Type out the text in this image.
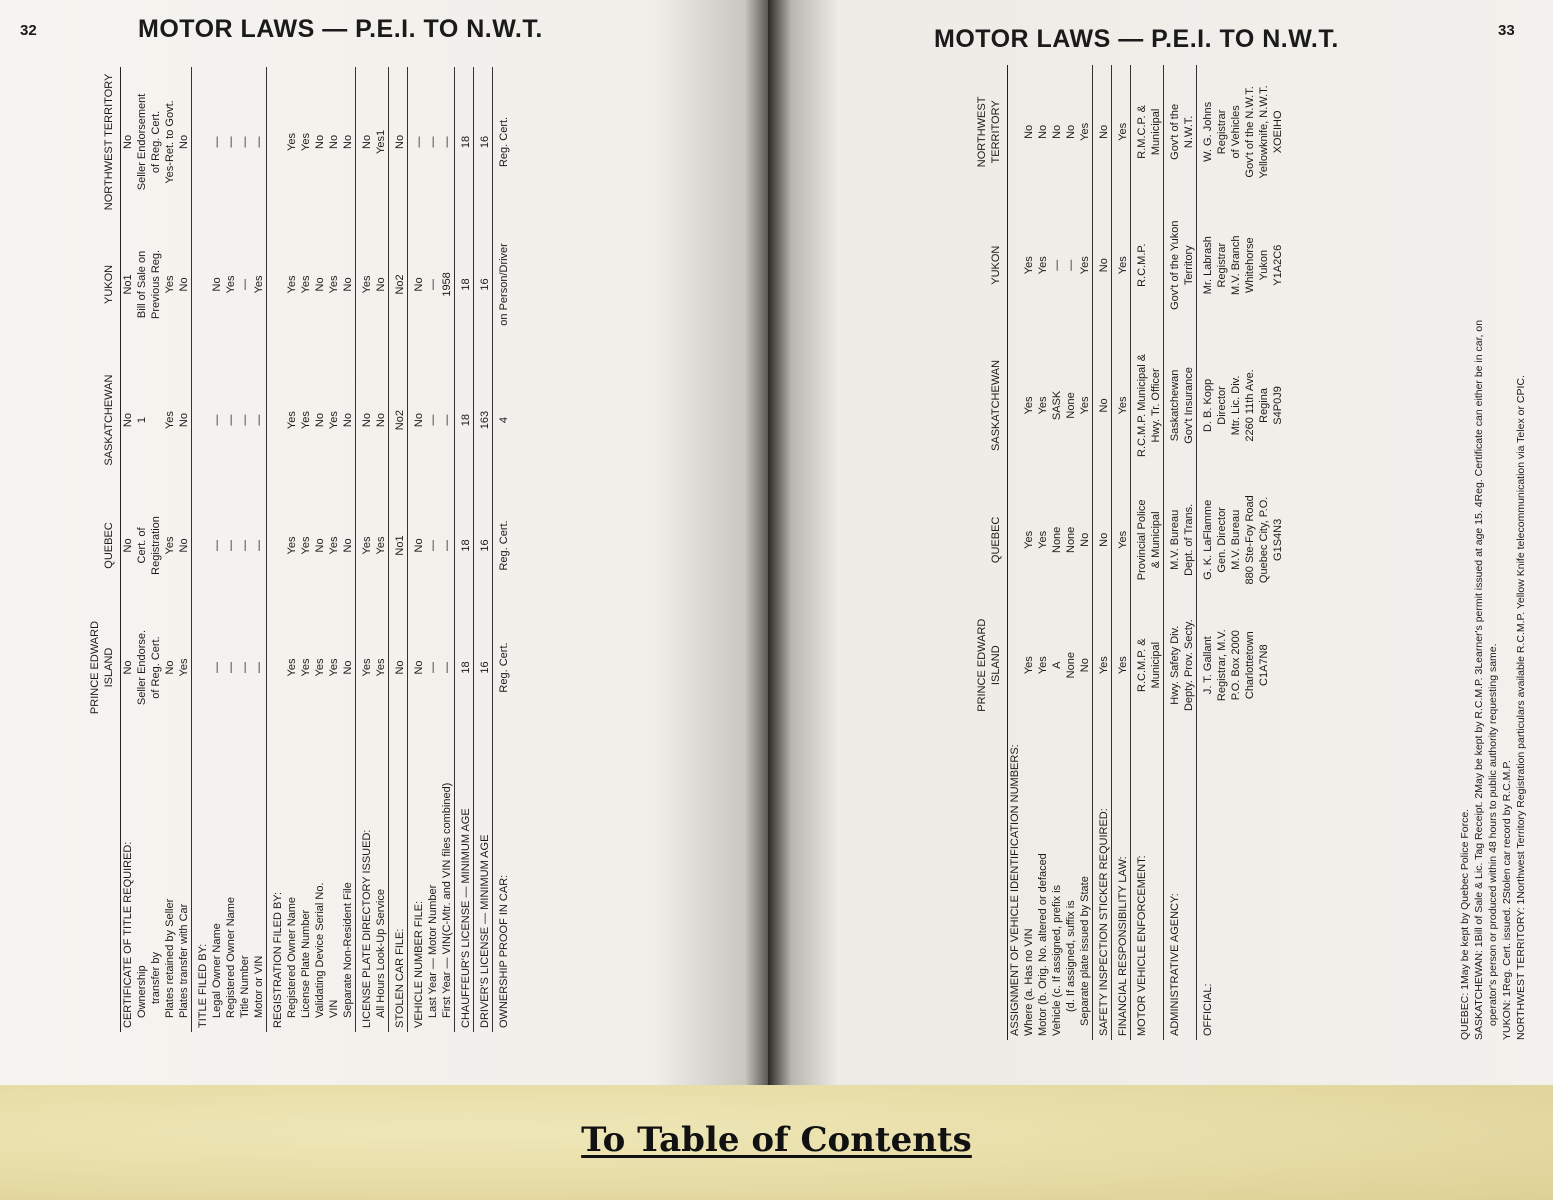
32	MOTOR LAWS — P.E.I. TO N.W.T.
	PRINCE EDWARD ISLAND	QUEBEC	SASKATCHEWAN	YUKON	NORTHWEST TERRITORY
CERTIFICATE OF TITLE REQUIRED:	No	No	No	No1	No
Ownership	Seller Endorse.	Cert. of	1	Bill of Sale on	Seller Endorsement
transfer by	of Reg. Cert.	Registration		Previous Reg.	of Reg. Cert.
Plates retained by Seller	No	Yes	Yes	Yes	Yes-Ret. to Govt.
Plates transfer with Car	Yes	No	No	No	No
TITLE FILED BY:					
Legal Owner Name	—	—	—	No	—
Registered Owner Name	—	—	—	Yes	—
Title Number	—	—	—	—	—
Motor or VIN	—	—	—	Yes	—
REGISTRATION FILED BY:					
Registered Owner Name	Yes	Yes	Yes	Yes	Yes
License Plate Number	Yes	Yes	Yes	Yes	Yes
Validating Device Serial No.	Yes	No	No	No	No
VIN	Yes	Yes	Yes	Yes	No
Separate Non-Resident File	No	No	No	No	No
LICENSE PLATE DIRECTORY ISSUED:	Yes	Yes	No	Yes	No
All Hours Look-Up Service	Yes	Yes	No	No	Yes1
STOLEN CAR FILE:	No	No1	No2	No2	No
VEHICLE NUMBER FILE:	No	No	No	No	—
Last Year — Motor Number	—	—	—	—	—
First Year — VIN(C-Mtr. and VIN files combined)	—	—	—	1958	—
CHAUFFEUR'S LICENSE — MINIMUM AGE	18	18	18	18	18
DRIVER'S LICENSE — MINIMUM AGE	16	16	163	16	16
OWNERSHIP PROOF IN CAR:	Reg. Cert.	Reg. Cert.	4	on Person/Driver	Reg. Cert.
33
MOTOR LAWS — P.E.I. TO N.W.T.
	PRINCE EDWARD ISLAND	QUEBEC	SASKATCHEWAN	YUKON	NORTHWEST TERRITORY
ASSIGNMENT OF VEHICLE IDENTIFICATION NUMBERS:					
Where (a. Has no VIN	Yes	Yes	Yes	Yes	No
Motor (b. Orig. No. altered or defaced	Yes	Yes	Yes	Yes	No
Vehicle (c. If assigned, prefix is	A	None	SASK	—	No
(d. If assigned, suffix is	None	None	None	—	No
Separate plate issued by State	No	No	Yes	Yes	Yes
SAFETY INSPECTION STICKER REQUIRED:	Yes	No	No	No	No
FINANCIAL RESPONSIBILITY LAW:	Yes	Yes	Yes	Yes	Yes
MOTOR VEHICLE ENFORCEMENT:	R.C.M.P. &	Provincial Police	R.C.M.P. Municipal &	R.C.M.P.	R.M.C.P. &
	Municipal	& Municipal	Hwy. Tr. Officer		Municipal
ADMINISTRATIVE AGENCY:	Hwy. Safety Div.	M.V. Bureau	Saskatchewan	Gov't of the Yukon	Gov't of the
	Depty. Prov. Secty.	Dept. of Trans.	Gov't Insurance	Territory	N.W.T.
OFFICIAL:	J. T. Gallant	G. K. LaFlamme	D. B. Kopp	Mr. Labrash	W. G. Johns
	Registrar, M.V.	Gen. Director	Director	Registrar	Registrar
	P.O. Box 2000	M.V. Bureau	Mtr. Lic. Div.	M.V. Branch	of Vehicles
	Charlottetown	880 Ste-Foy Road	2260 11th Ave.	Whitehorse	Gov't of the N.W.T.
	C1A7N8	Quebec City, P.O.	Regina	Yukon	Yellowknife, N.W.T.
		G1S4N3	S4P0J9	Y1A2C6	XOEIHO
QUEBEC: 1May be kept by Quebec Police Force. SASKATCHEWAN: 1Bill of Sale & Lic. Tag Receipt. 2May be kept by R.C.M.P. 3Learner's permit issued at age 15. 4Reg. Certificate can either be in car, on operator's person or produced within 48 hours to public authority requesting same. YUKON: 1Reg. Cert. issued. 2Stolen car record by R.C.M.P. NORTHWEST TERRITORY: 1Northwest Territory Registration particulars available R.C.M.P. Yellow Knife telecommunication via Telex or CPIC.
To Table of Contents
